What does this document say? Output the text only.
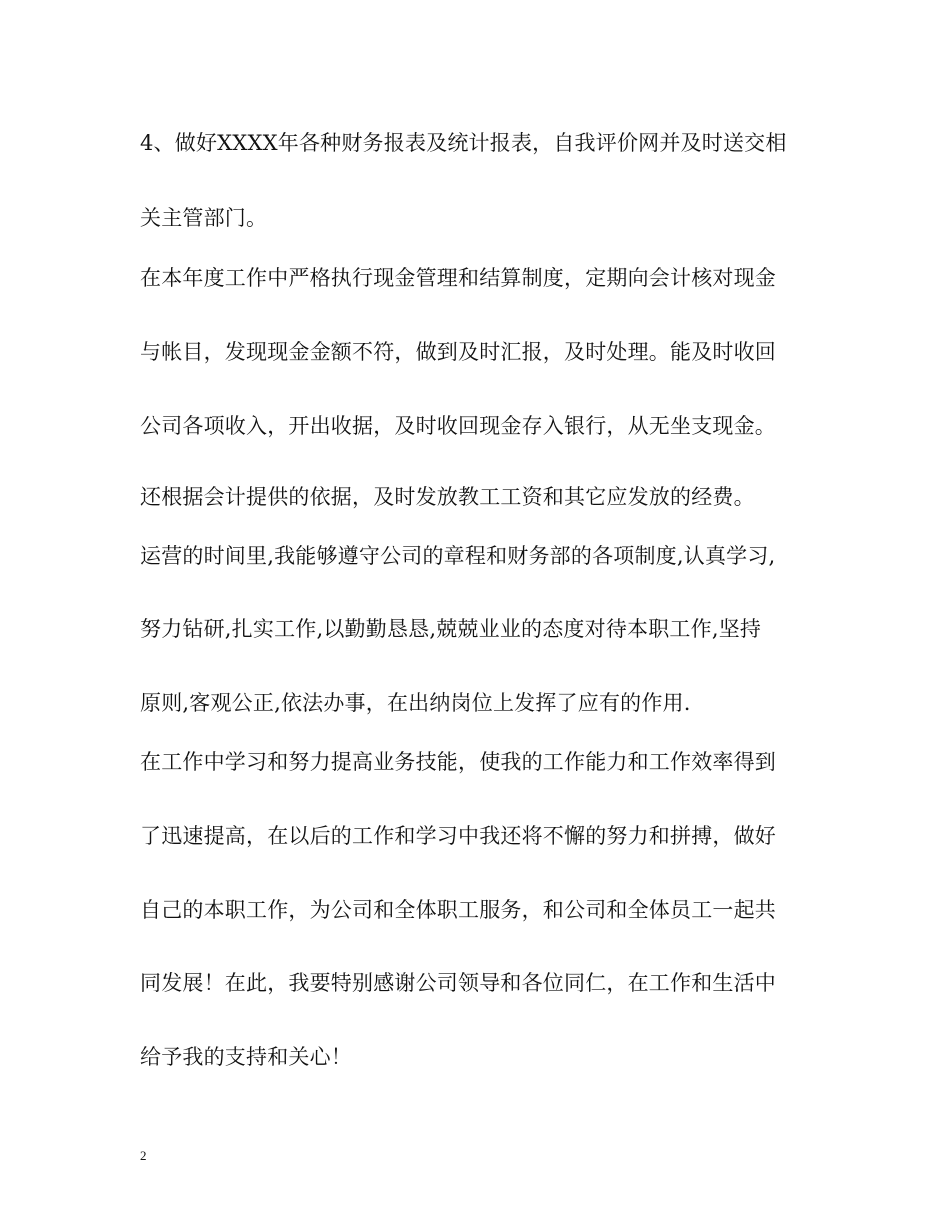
4、做好XXXX年各种财务报表及统计报表，自我评价网并及时送交相

关主管部门。

在本年度工作中严格执行现金管理和结算制度，定期向会计核对现金

与帐目，发现现金金额不符，做到及时汇报，及时处理。能及时收回

公司各项收入，开出收据，及时收回现金存入银行，从无坐支现金。

还根据会计提供的依据，及时发放教工工资和其它应发放的经费。

运营的时间里,我能够遵守公司的章程和财务部的各项制度,认真学习,

努力钻研,扎实工作,以勤勤恳恳,兢兢业业的态度对待本职工作,坚持

原则,客观公正,依法办事，在出纳岗位上发挥了应有的作用.

在工作中学习和努力提高业务技能，使我的工作能力和工作效率得到

了迅速提高，在以后的工作和学习中我还将不懈的努力和拼搏，做好

自己的本职工作，为公司和全体职工服务，和公司和全体员工一起共

同发展！在此，我要特别感谢公司领导和各位同仁，在工作和生活中

给予我的支持和关心！

2
